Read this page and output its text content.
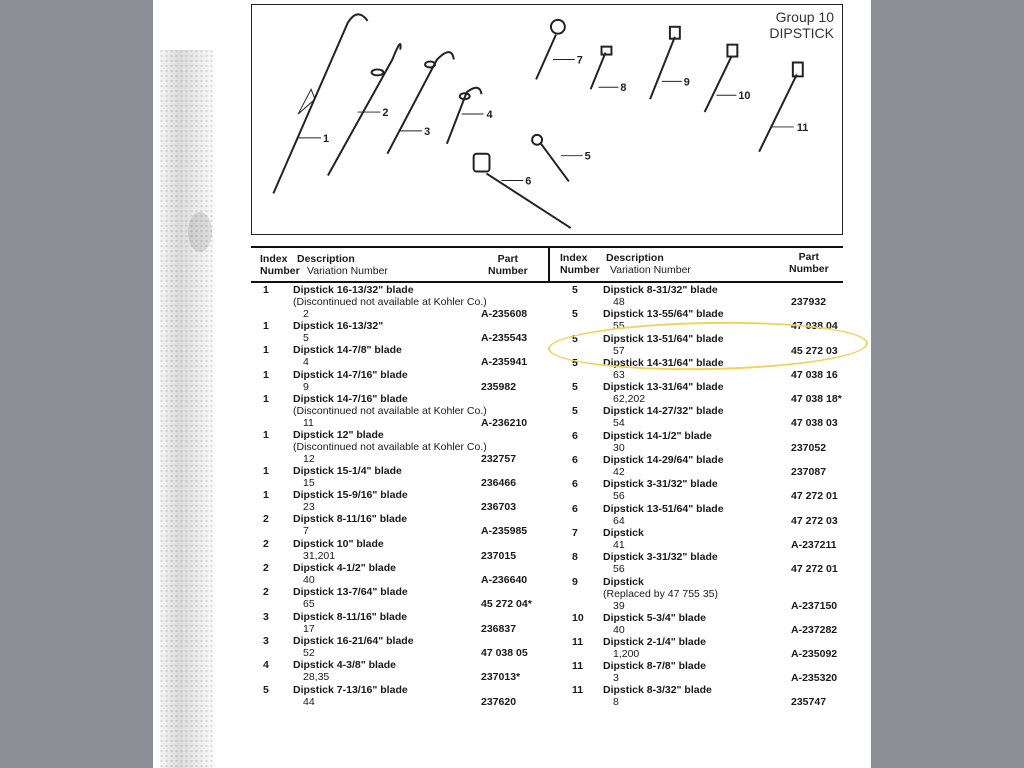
1
2
3
4
5
6
7
8	9
10
11
Group 10
DIPSTICK
Index
Number
Description
Variation Number
Part
Number
Index
Number
Description
Variation Number
Part
Number
1 Dipstick 16-13/32" blade
(Discontinued not available at Kohler Co.)
2	A-235608
1 Dipstick 16-13/32"
5	A-235543
1 Dipstick 14-7/8" blade
4	A-235941
1 Dipstick 14-7/16" blade
9	235982
1 Dipstick 14-7/16" blade
(Discontinued not available at Kohler Co.)
11	A-236210
1 Dipstick 12" blade
(Discontinued not available at Kohler Co.)
12	232757
1 Dipstick 15-1/4" blade
15	236466
1 Dipstick 15-9/16" blade
23	236703
2 Dipstick 8-11/16" blade
7	A-235985
2 Dipstick 10" blade
31,201	237015
2 Dipstick 4-1/2" blade
40	A-236640
2 Dipstick 13-7/64" blade
65	45 272 04*
3 Dipstick 8-11/16" blade
17	236837
3 Dipstick 16-21/64" blade
52	47 038 05
4 Dipstick 4-3/8" blade
28,35	237013*
5 Dipstick 7-13/16" blade
44	237620
5 Dipstick 8-31/32" blade
48	237932
5 Dipstick 13-55/64" blade
55	47 038 04
5 Dipstick 13-51/64" blade
57	45 272 03
5 Dipstick 14-31/64" blade
63	47 038 16
5 Dipstick 13-31/64" blade
62,202	47 038 18*
5 Dipstick 14-27/32" blade
54	47 038 03
6 Dipstick 14-1/2" blade
30	237052
6 Dipstick 14-29/64" blade
42	237087
6 Dipstick 3-31/32" blade
56	47 272 01
6 Dipstick 13-51/64" blade
64	47 272 03
7 Dipstick
41	A-237211
8 Dipstick 3-31/32" blade
56	47 272 01
9 Dipstick
(Replaced by 47 755 35)
39	A-237150
10 Dipstick 5-3/4" blade
40	A-237282
11 Dipstick 2-1/4" blade
1,200	A-235092
11 Dipstick 8-7/8" blade
3	A-235320
11 Dipstick 8-3/32" blade
8	235747
